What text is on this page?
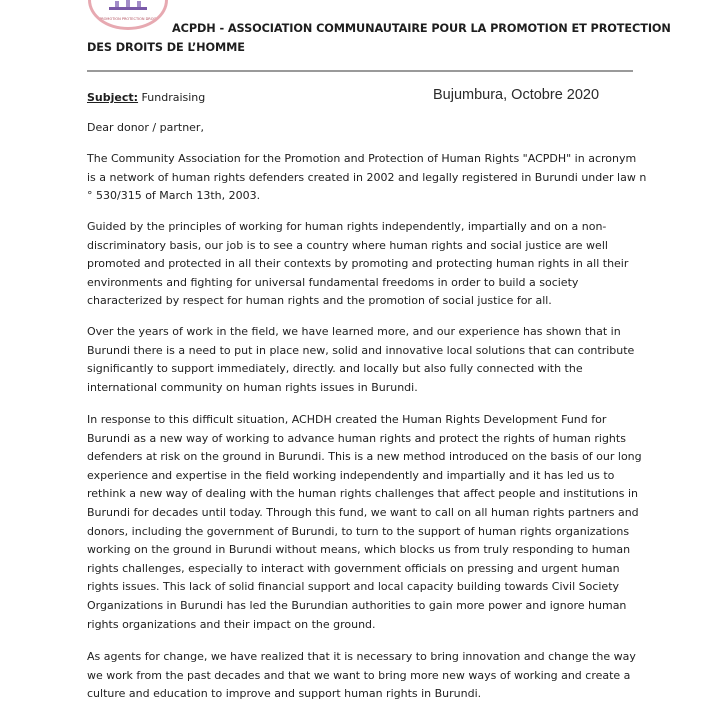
PROMOTION PROTECTION DROITS
ACPDH - ASSOCIATION COMMUNAUTAIRE POUR LA PROMOTION ET PROTECTION
DES DROITS DE L’HOMME
Subject: Fundraising	Bujumbura, Octobre 2020
Dear donor / partner,
The Community Association for the Promotion and Protection of Human Rights "ACPDH" in acronym
is a network of human rights defenders created in 2002 and legally registered in Burundi under law n
° 530/315 of March 13th, 2003.
Guided by the principles of working for human rights independently, impartially and on a non-
discriminatory basis, our job is to see a country where human rights and social justice are well
promoted and protected in all their contexts by promoting and protecting human rights in all their
environments and fighting for universal fundamental freedoms in order to build a society
characterized by respect for human rights and the promotion of social justice for all.
Over the years of work in the field, we have learned more, and our experience has shown that in
Burundi there is a need to put in place new, solid and innovative local solutions that can contribute
significantly to support immediately, directly. and locally but also fully connected with the
international community on human rights issues in Burundi.
In response to this difficult situation, ACHDH created the Human Rights Development Fund for
Burundi as a new way of working to advance human rights and protect the rights of human rights
defenders at risk on the ground in Burundi. This is a new method introduced on the basis of our long
experience and expertise in the field working independently and impartially and it has led us to
rethink a new way of dealing with the human rights challenges that affect people and institutions in
Burundi for decades until today. Through this fund, we want to call on all human rights partners and
donors, including the government of Burundi, to turn to the support of human rights organizations
working on the ground in Burundi without means, which blocks us from truly responding to human
rights challenges, especially to interact with government officials on pressing and urgent human
rights issues. This lack of solid financial support and local capacity building towards Civil Society
Organizations in Burundi has led the Burundian authorities to gain more power and ignore human
rights organizations and their impact on the ground.
As agents for change, we have realized that it is necessary to bring innovation and change the way
we work from the past decades and that we want to bring more new ways of working and create a
culture and education to improve and support human rights in Burundi.
